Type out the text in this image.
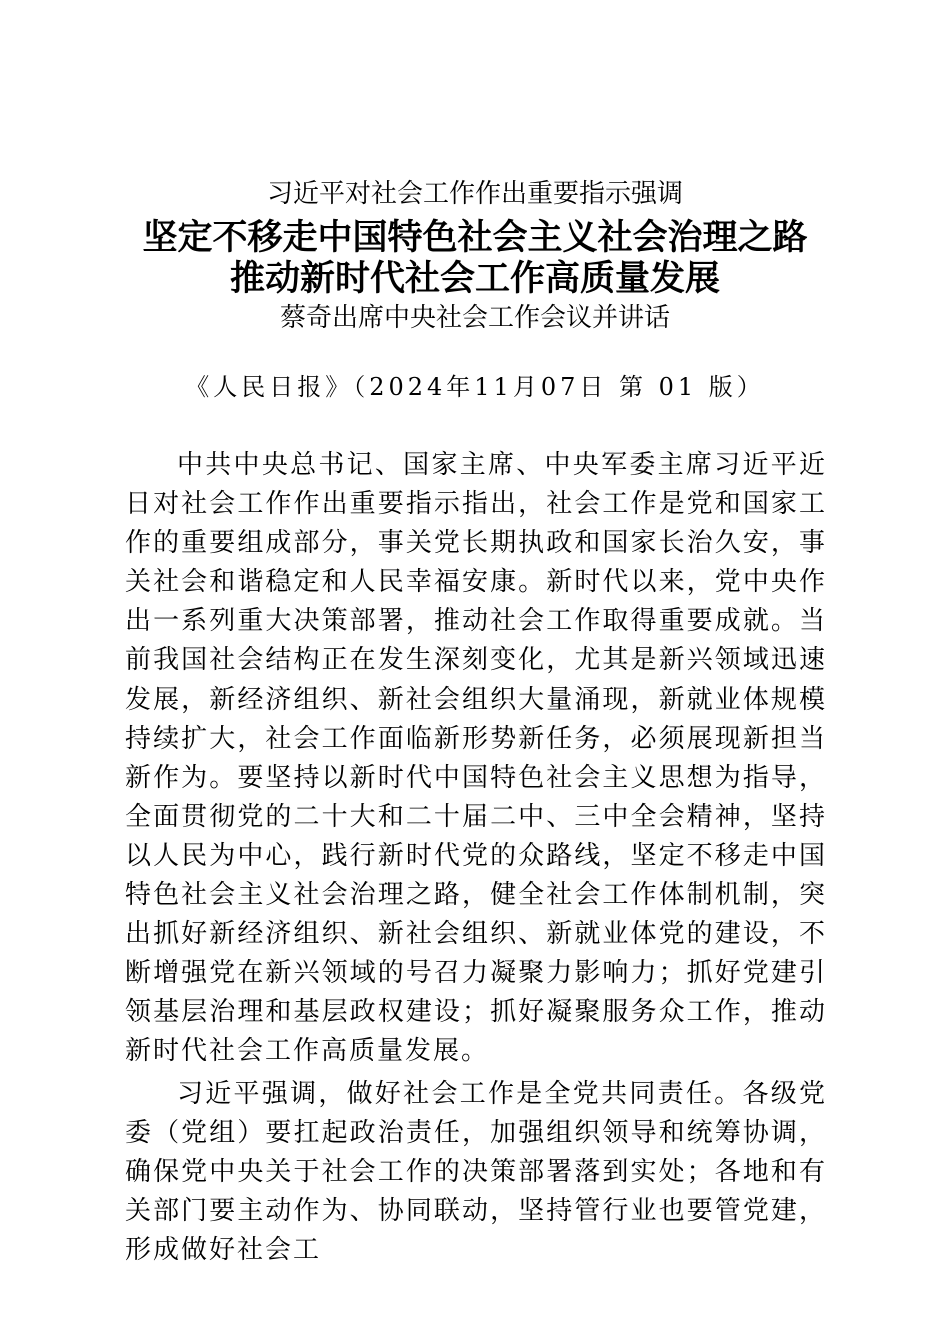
习近平对社会工作作出重要指示强调
坚定不移走中国特色社会主义社会治理之路
推动新时代社会工作高质量发展
蔡奇出席中央社会工作会议并讲话
《人民日报》（2024年11月07日 第 01 版）

中共中央总书记、国家主席、中央军委主席习近平近日对社会工作作出重要指示指出，社会工作是党和国家工作的重要组成部分，事关党长期执政和国家长治久安，事关社会和谐稳定和人民幸福安康。新时代以来，党中央作出一系列重大决策部署，推动社会工作取得重要成就。当前我国社会结构正在发生深刻变化，尤其是新兴领域迅速发展，新经济组织、新社会组织大量涌现，新就业体规模持续扩大，社会工作面临新形势新任务，必须展现新担当新作为。要坚持以新时代中国特色社会主义思想为指导，全面贯彻党的二十大和二十届二中、三中全会精神，坚持以人民为中心，践行新时代党的众路线，坚定不移走中国特色社会主义社会治理之路，健全社会工作体制机制，突出抓好新经济组织、新社会组织、新就业体党的建设，不断增强党在新兴领域的号召力凝聚力影响力；抓好党建引领基层治理和基层政权建设；抓好凝聚服务众工作，推动新时代社会工作高质量发展。

习近平强调，做好社会工作是全党共同责任。各级党委（党组）要扛起政治责任，加强组织领导和统筹协调，确保党中央关于社会工作的决策部署落到实处；各地和有关部门要主动作为、协同联动，坚持管行业也要管党建，形成做好社会工
